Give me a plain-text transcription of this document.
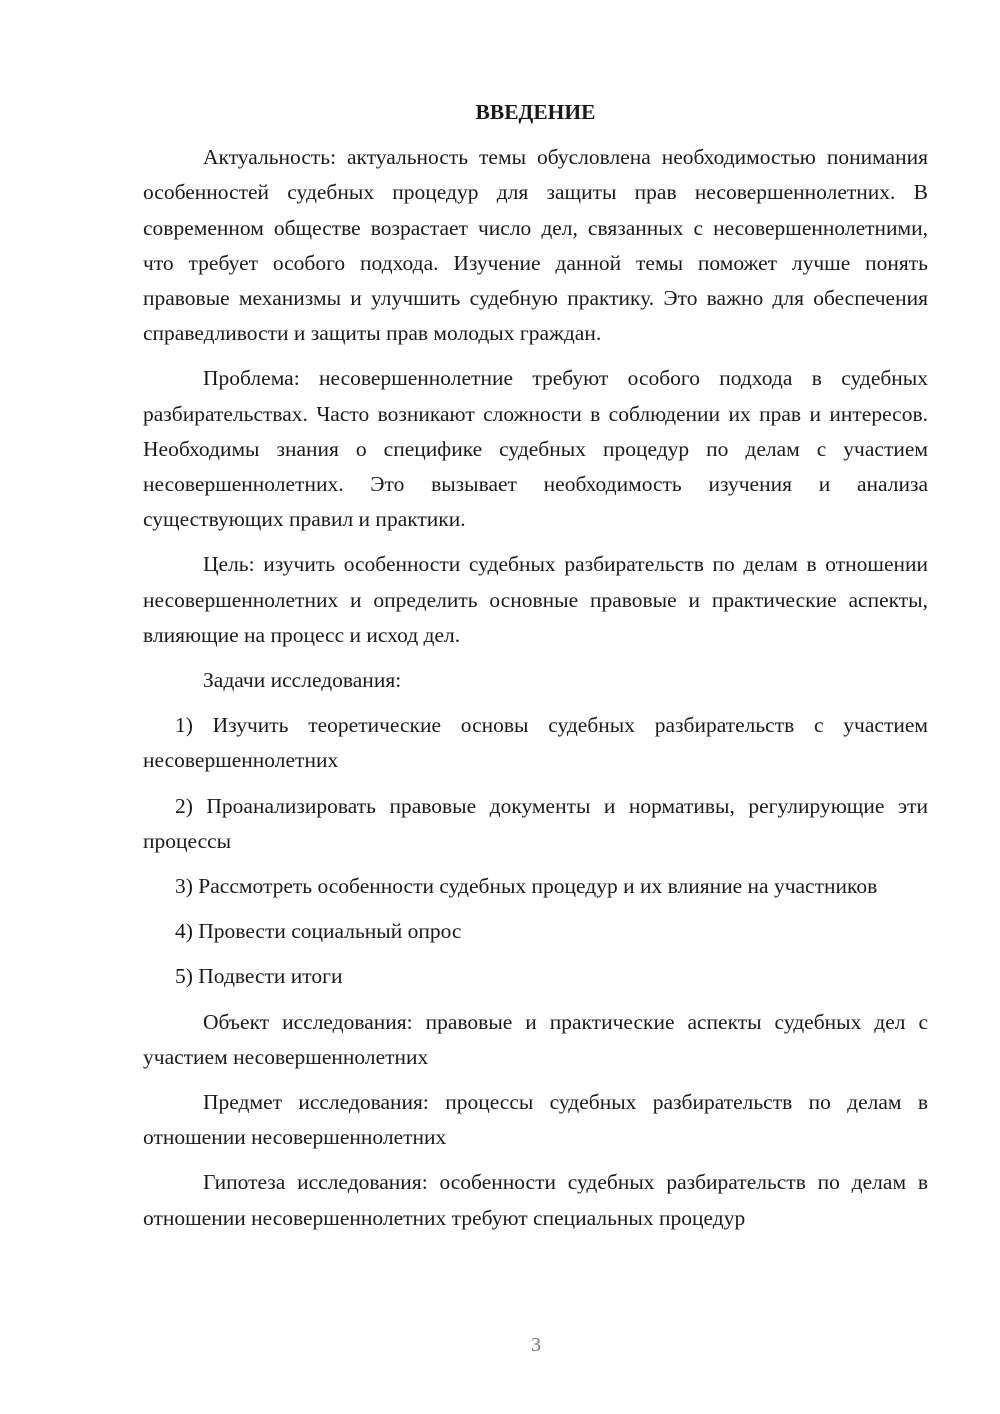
ВВЕДЕНИЕ

Актуальность: актуальность темы обусловлена необходимостью понимания особенностей судебных процедур для защиты прав несовершеннолетних. В современном обществе возрастает число дел, связанных с несовершеннолетними, что требует особого подхода. Изучение данной темы поможет лучше понять правовые механизмы и улучшить судебную практику. Это важно для обеспечения справедливости и защиты прав молодых граждан.

Проблема: несовершеннолетние требуют особого подхода в судебных разбирательствах. Часто возникают сложности в соблюдении их прав и интересов. Необходимы знания о специфике судебных процедур по делам с участием несовершеннолетних. Это вызывает необходимость изучения и анализа существующих правил и практики.

Цель: изучить особенности судебных разбирательств по делам в отношении несовершеннолетних и определить основные правовые и практические аспекты, влияющие на процесс и исход дел.

Задачи исследования:

1) Изучить теоретические основы судебных разбирательств с участием несовершеннолетних

2) Проанализировать правовые документы и нормативы, регулирующие эти процессы

3) Рассмотреть особенности судебных процедур и их влияние на участников

4) Провести социальный опрос

5) Подвести итоги

Объект исследования: правовые и практические аспекты судебных дел с участием несовершеннолетних

Предмет исследования: процессы судебных разбирательств по делам в отношении несовершеннолетних

Гипотеза исследования: особенности судебных разбирательств по делам в отношении несовершеннолетних требуют специальных процедур

3
